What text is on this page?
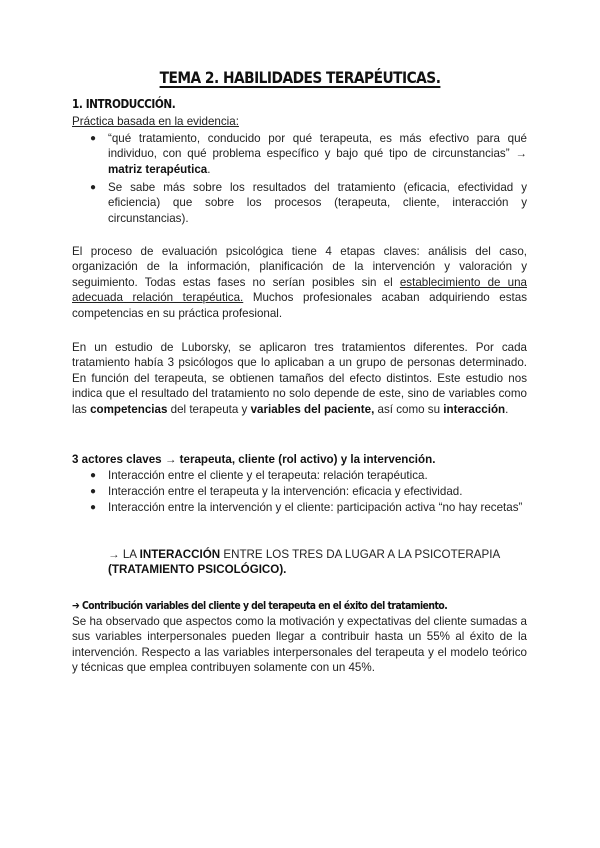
TEMA 2. HABILIDADES TERAPÉUTICAS.
1. INTRODUCCIÓN.
Práctica basada en la evidencia:
● “qué tratamiento, conducido por qué terapeuta, es más efectivo para qué individuo, con qué problema específico y bajo qué tipo de circunstancias” → matriz terapéutica.
● Se sabe más sobre los resultados del tratamiento (eficacia, efectividad y eficiencia) que sobre los procesos (terapeuta, cliente, interacción y circunstancias).
El proceso de evaluación psicológica tiene 4 etapas claves: análisis del caso, organización de la información, planificación de la intervención y valoración y seguimiento. Todas estas fases no serían posibles sin el establecimiento de una adecuada relación terapéutica. Muchos profesionales acaban adquiriendo estas competencias en su práctica profesional.
En un estudio de Luborsky, se aplicaron tres tratamientos diferentes. Por cada tratamiento había 3 psicólogos que lo aplicaban a un grupo de personas determinado. En función del terapeuta, se obtienen tamaños del efecto distintos. Este estudio nos indica que el resultado del tratamiento no solo depende de este, sino de variables como las competencias del terapeuta y variables del paciente, así como su interacción.
3 actores claves → terapeuta, cliente (rol activo) y la intervención.
● Interacción entre el cliente y el terapeuta: relación terapéutica.
● Interacción entre el terapeuta y la intervención: eficacia y efectividad.
● Interacción entre la intervención y el cliente: participación activa “no hay recetas”
→ LA INTERACCIÓN ENTRE LOS TRES DA LUGAR A LA PSICOTERAPIA
(TRATAMIENTO PSICOLÓGICO).
➔ Contribución variables del cliente y del terapeuta en el éxito del tratamiento.
Se ha observado que aspectos como la motivación y expectativas del cliente sumadas a sus variables interpersonales pueden llegar a contribuir hasta un 55% al éxito de la intervención. Respecto a las variables interpersonales del terapeuta y el modelo teórico y técnicas que emplea contribuyen solamente con un 45%.
